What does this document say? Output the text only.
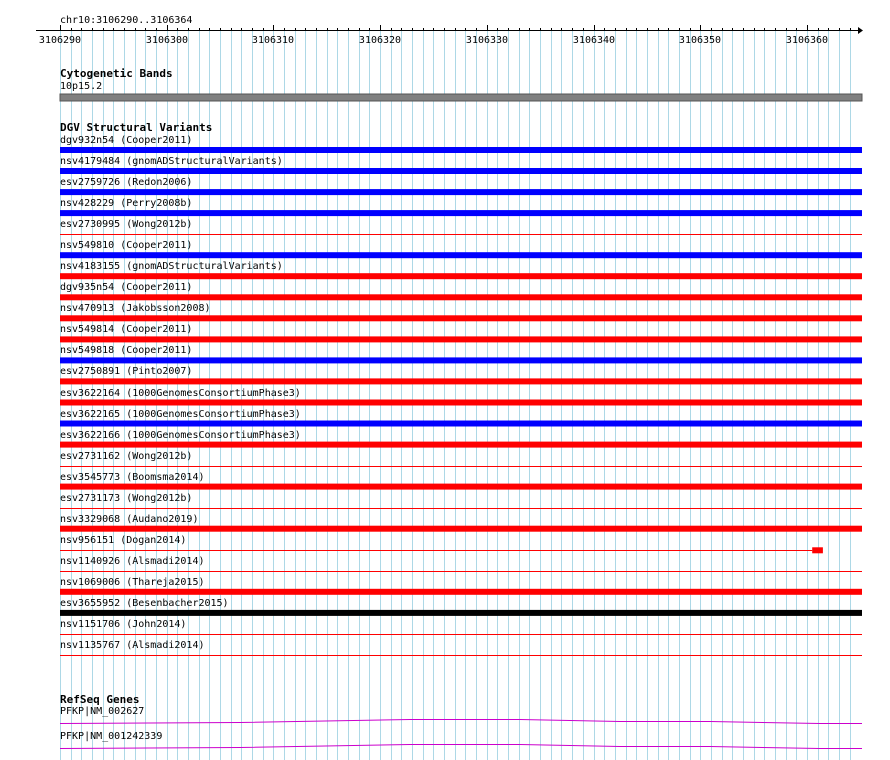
3106290	3106300	3106310	3106320	3106330	3106340	3106350	3106360
chr10:3106290..3106364
Cytogenetic Bands
10p15.2
DGV Structural Variants
dgv932n54 (Cooper2011)
nsv4179484 (gnomADStructuralVariants)
esv2759726 (Redon2006)
nsv428229 (Perry2008b)
esv2730995 (Wong2012b)
nsv549810 (Cooper2011)
nsv4183155 (gnomADStructuralVariants)
dgv935n54 (Cooper2011)
nsv470913 (Jakobsson2008)
nsv549814 (Cooper2011)
nsv549818 (Cooper2011)
esv2750891 (Pinto2007)
esv3622164 (1000GenomesConsortiumPhase3)
esv3622165 (1000GenomesConsortiumPhase3)
esv3622166 (1000GenomesConsortiumPhase3)
esv2731162 (Wong2012b)
esv3545773 (Boomsma2014)
esv2731173 (Wong2012b)
nsv3329068 (Audano2019)
nsv956151 (Dogan2014)
nsv1140926 (Alsmadi2014)
nsv1069006 (Thareja2015)
esv3655952 (Besenbacher2015)
nsv1151706 (John2014)
nsv1135767 (Alsmadi2014)
RefSeq Genes
PFKP|NM_002627
PFKP|NM_001242339
